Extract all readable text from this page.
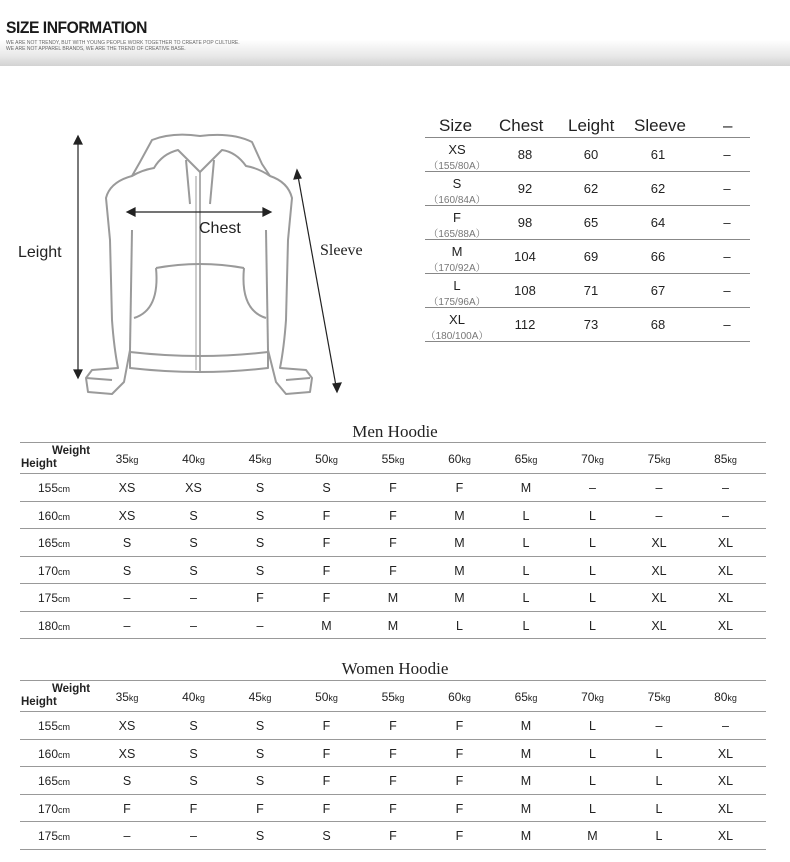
SIZE INFORMATION
WE ARE NOT TRENDY, BUT WITH YOUNG PEOPLE WORK TOGETHER TO CREATE POP CULTURE.
WE ARE NOT APPAREL BRANDS, WE ARE THE TREND OF CREATIVE BASE.
Leight
Chest
Sleeve
Size Chest Leight Sleeve –
XS
（155/80A）
88	60	61	–
S
（160/84A）
92	62	62	–
F
（165/88A）
98	65	64	–
M
（170/92A）
104	69	66	–
L
（175/96A）
108	71	67	–
XL
（180/100A）
112	73	68	–
Men Hoodie
Weight
Height	35kg	40kg	45kg	50kg	55kg	60kg	65kg	70kg	75kg	85kg
155cm	XS	XS	S	S	F	F	M	–	–	–
160cm	XS	S	S	F	F	M	L	L	–	–
165cm	S	S	S	F	F	M	L	L	XL	XL
170cm	S	S	S	F	F	M	L	L	XL	XL
175cm	–	–	F	F	M	M	L	L	XL	XL
180cm	–	–	–	M	M	L	L	L	XL	XL
Women Hoodie
Weight
Height	35kg	40kg	45kg	50kg	55kg	60kg	65kg	70kg	75kg	80kg
155cm	XS	S	S	F	F	F	M	L	–	–
160cm	XS	S	S	F	F	F	M	L	L	XL
165cm	S	S	S	F	F	F	M	L	L	XL
170cm	F	F	F	F	F	F	M	L	L	XL
175cm	–	–	S	S	F	F	M	M	L	XL
